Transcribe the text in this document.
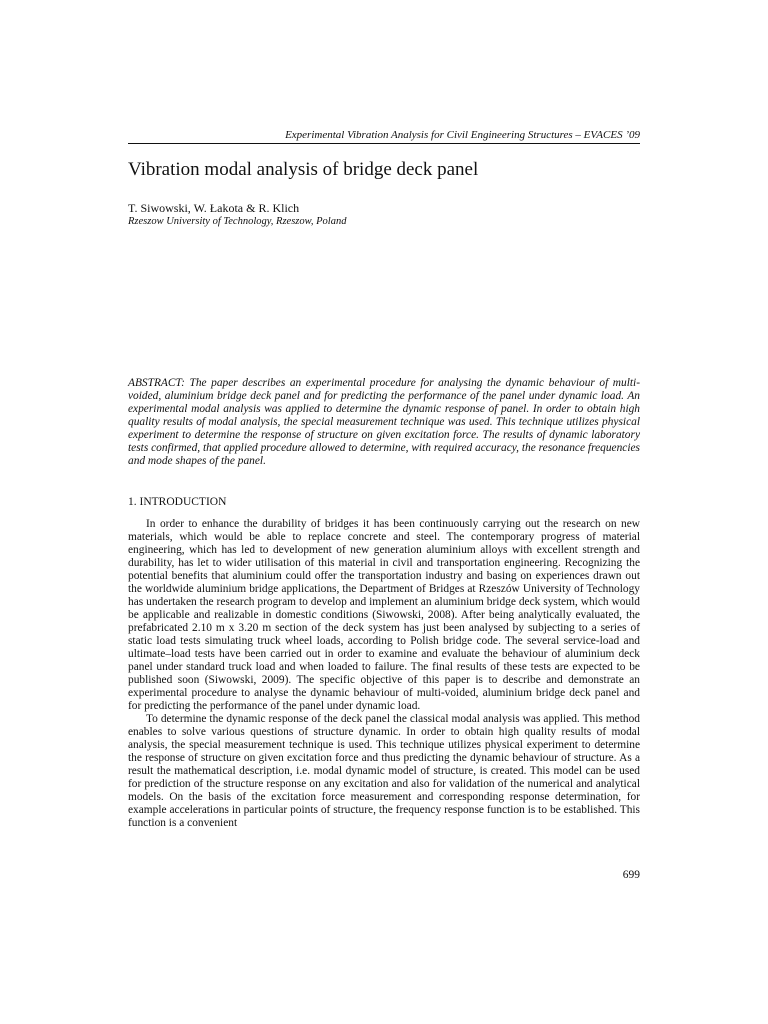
Experimental Vibration Analysis for Civil Engineering Structures – EVACES ’09
Vibration modal analysis of bridge deck panel
T. Siwowski, W. Łakota & R. Klich
Rzeszow University of Technology, Rzeszow, Poland

ABSTRACT: The paper describes an experimental procedure for analysing the dynamic behaviour of multi-voided, aluminium bridge deck panel and for predicting the performance of the panel under dynamic load. An experimental modal analysis was applied to determine the dynamic response of panel. In order to obtain high quality results of modal analysis, the special measurement technique was used. This technique utilizes physical experiment to determine the response of structure on given excitation force. The results of dynamic laboratory tests confirmed, that applied procedure allowed to determine, with required accuracy, the resonance frequencies and mode shapes of the panel.

1. INTRODUCTION

In order to enhance the durability of bridges it has been continuously carrying out the research on new materials, which would be able to replace concrete and steel. The contemporary progress of material engineering, which has led to development of new generation aluminium alloys with excellent strength and durability, has let to wider utilisation of this material in civil and transportation engineering. Recognizing the potential benefits that aluminium could offer the transportation industry and basing on experiences drawn out the worldwide aluminium bridge applications, the Department of Bridges at Rzeszów University of Technology has undertaken the research program to develop and implement an aluminium bridge deck system, which would be applicable and realizable in domestic conditions (Siwowski, 2008). After being analytically evaluated, the prefabricated 2.10 m x 3.20 m section of the deck system has just been analysed by subjecting to a series of static load tests simulating truck wheel loads, according to Polish bridge code. The several service-load and ultimate–load tests have been carried out in order to examine and evaluate the behaviour of aluminium deck panel under standard truck load and when loaded to failure. The final results of these tests are expected to be published soon (Siwowski, 2009). The specific objective of this paper is to describe and demonstrate an experimental procedure to analyse the dynamic behaviour of multi-voided, aluminium bridge deck panel and for predicting the performance of the panel under dynamic load.

To determine the dynamic response of the deck panel the classical modal analysis was applied. This method enables to solve various questions of structure dynamic. In order to obtain high quality results of modal analysis, the special measurement technique is used. This technique utilizes physical experiment to determine the response of structure on given excitation force and thus predicting the dynamic behaviour of structure. As a result the mathematical description, i.e. modal dynamic model of structure, is created. This model can be used for prediction of the structure response on any excitation and also for validation of the numerical and analytical models. On the basis of the excitation force measurement and corresponding response determination, for example accelerations in particular points of structure, the frequency response function is to be established. This function is a convenient

699
